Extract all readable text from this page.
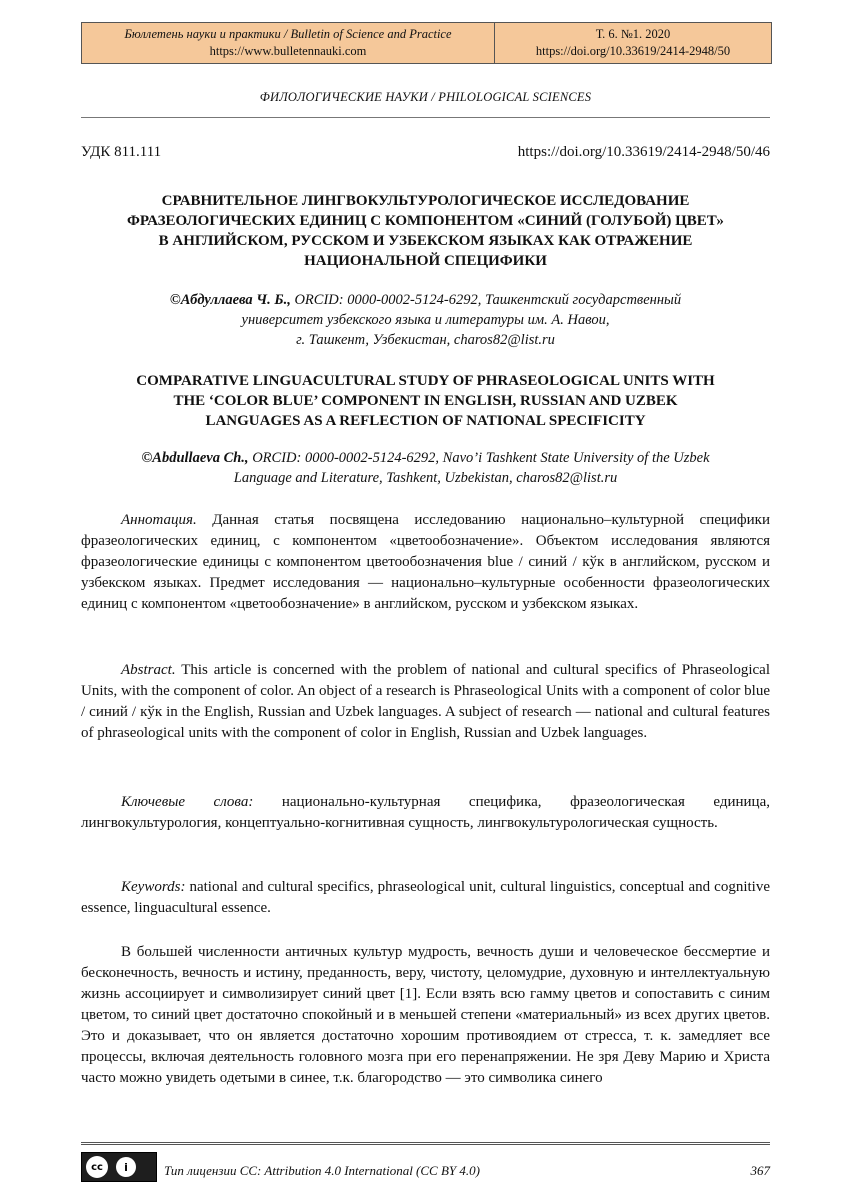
Бюллетень науки и практики / Bulletin of Science and Practice
https://www.bulletennauki.com
Т. 6. №1. 2020
https://doi.org/10.33619/2414-2948/50
ФИЛОЛОГИЧЕСКИЕ НАУКИ / PHILOLOGICAL SCIENCES
УДК 811.111	https://doi.org/10.33619/2414-2948/50/46
СРАВНИТЕЛЬНОЕ ЛИНГВОКУЛЬТУРОЛОГИЧЕСКОЕ ИССЛЕДОВАНИЕ
ФРАЗЕОЛОГИЧЕСКИХ ЕДИНИЦ С КОМПОНЕНТОМ «СИНИЙ (ГОЛУБОЙ) ЦВЕТ»
В АНГЛИЙСКОМ, РУССКОМ И УЗБЕКСКОМ ЯЗЫКАХ КАК ОТРАЖЕНИЕ
НАЦИОНАЛЬНОЙ СПЕЦИФИКИ
©Абдуллаева Ч. Б., ORCID: 0000-0002-5124-6292, Ташкентский государственный
университет узбекского языка и литературы им. А. Навои,
г. Ташкент, Узбекистан, charos82@list.ru
COMPARATIVE LINGUACULTURAL STUDY OF PHRASEOLOGICAL UNITS WITH
THE ‘COLOR BLUE’ COMPONENT IN ENGLISH, RUSSIAN AND UZBEK
LANGUAGES AS A REFLECTION OF NATIONAL SPECIFICITY
©Abdullaeva Ch., ORCID: 0000-0002-5124-6292, Navo’i Tashkent State University of the Uzbek
Language and Literature, Tashkent, Uzbekistan, charos82@list.ru
Аннотация. Данная статья посвящена исследованию национально–культурной специфики фразеологических единиц, с компонентом «цветообозначение». Объектом исследования являются фразеологические единицы с компонентом цветообозначения blue / синий / кўк в английском, русском и узбекском языках. Предмет исследования — национально–культурные особенности фразеологических единиц с компонентом «цветообозначение» в английском, русском и узбекском языках.
Abstract. This article is concerned with the problem of national and cultural specifics of Phraseological Units, with the component of color. An object of a research is Phraseological Units with a component of color blue / синий / кўк in the English, Russian and Uzbek languages. A subject of research — national and cultural features of phraseological units with the component of color in English, Russian and Uzbek languages.
Ключевые слова: национально-культурная специфика, фразеологическая единица, лингвокультурология, концептуально-когнитивная сущность, лингвокультурологическая сущность.
Keywords: national and cultural specifics, phraseological unit, cultural linguistics, conceptual and cognitive essence, linguacultural essence.
В большей численности античных культур мудрость, вечность души и человеческое бессмертие и бесконечность, вечность и истину, преданность, веру, чистоту, целомудрие, духовную и интеллектуальную жизнь ассоциирует и символизирует синий цвет [1]. Если взять всю гамму цветов и сопоставить с синим цветом, то синий цвет достаточно спокойный и в меньшей степени «материальный» из всех других цветов. Это и доказывает, что он является достаточно хорошим противоядием от стресса, т. к. замедляет все процессы, включая деятельность головного мозга при его перенапряжении. Не зря Деву Марию и Христа часто можно увидеть одетыми в синее, т.к. благородство — это символика синего
cc	i	Тип лицензии CC: Attribution 4.0 International (CC BY 4.0)	367
